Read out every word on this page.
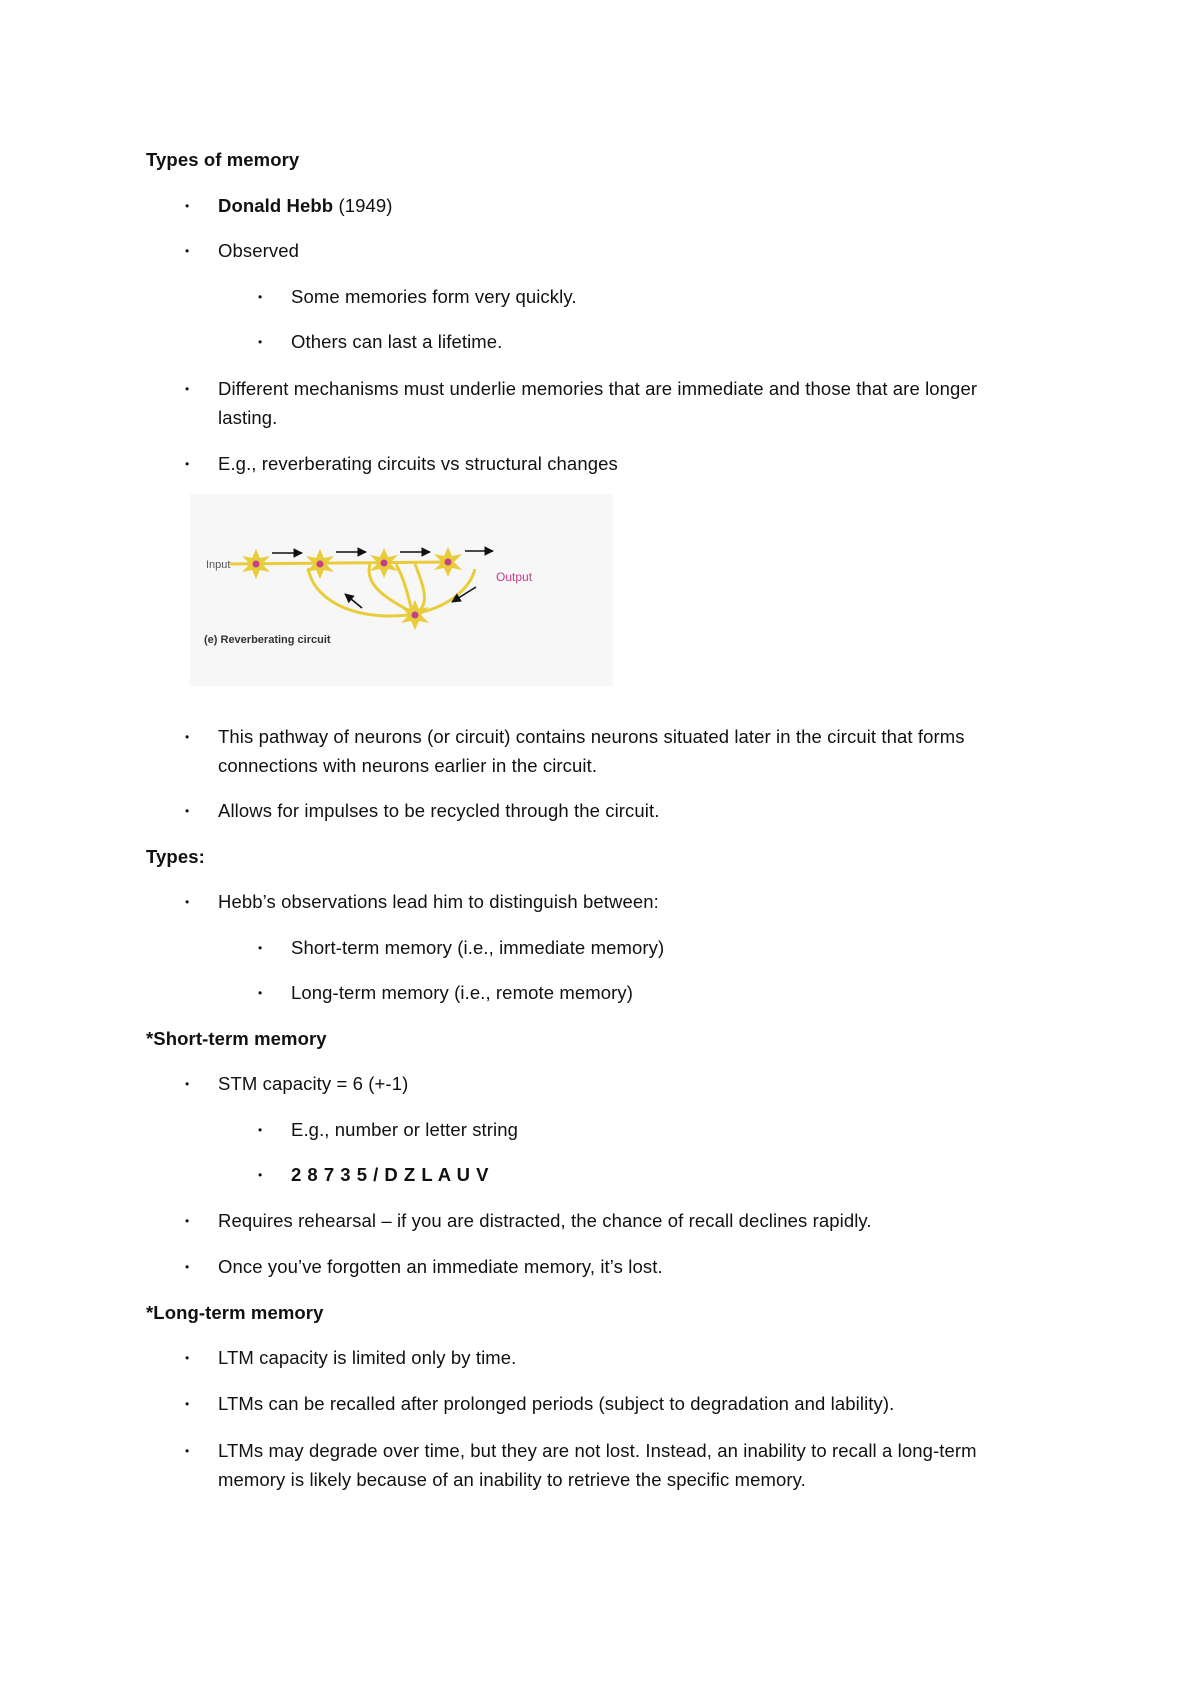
Types of memory
• Donald Hebb (1949)
• Observed
• Some memories form very quickly.
• Others can last a lifetime.
• Different mechanisms must underlie memories that are immediate and those that are longer
lasting.
• E.g., reverberating circuits vs structural changes
Input
Output
(e) Reverberating circuit
• This pathway of neurons (or circuit) contains neurons situated later in the circuit that forms
connections with neurons earlier in the circuit.
• Allows for impulses to be recycled through the circuit.
Types:
• Hebb’s observations lead him to distinguish between:
• Short-term memory (i.e., immediate memory)
• Long-term memory (i.e., remote memory)
*Short-term memory
• STM capacity = 6 (+-1)
• E.g., number or letter string
• 2 8 7 3 5 / D Z L A U V
• Requires rehearsal – if you are distracted, the chance of recall declines rapidly.
• Once you’ve forgotten an immediate memory, it’s lost.
*Long-term memory
• LTM capacity is limited only by time.
• LTMs can be recalled after prolonged periods (subject to degradation and lability).
• LTMs may degrade over time, but they are not lost. Instead, an inability to recall a long-term
memory is likely because of an inability to retrieve the specific memory.
